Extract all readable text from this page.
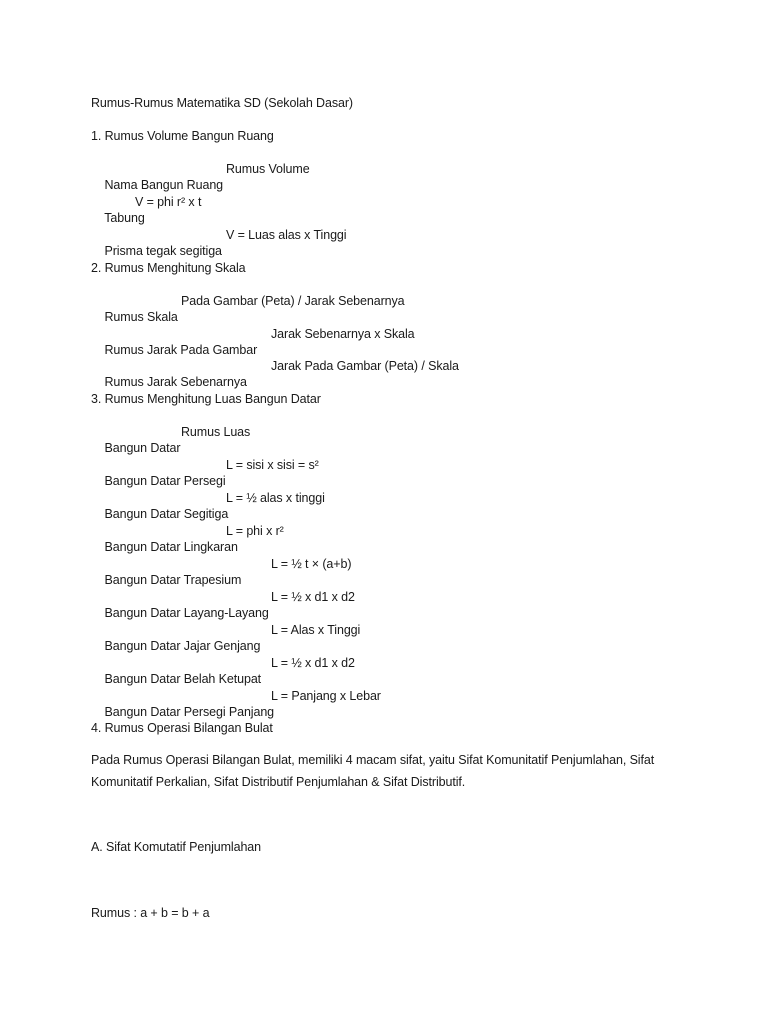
Rumus-Rumus Matematika SD (Sekolah Dasar)
1. Rumus Volume Bangun Ruang

Nama Bangun Ruang

Rumus Volume

Tabung

V = phi r² x t

Prisma tegak segitiga

V = Luas alas x Tinggi

2. Rumus Menghitung Skala

Rumus Skala

Pada Gambar (Peta) / Jarak Sebenarnya

Rumus Jarak Pada Gambar

Jarak Sebenarnya x Skala

Rumus Jarak Sebenarnya

Jarak Pada Gambar (Peta) / Skala

3. Rumus Menghitung Luas Bangun Datar

Bangun Datar

Rumus Luas

Bangun Datar Persegi

L = sisi x sisi = s²

Bangun Datar Segitiga

L = ½ alas x tinggi

Bangun Datar Lingkaran

L = phi x r²

Bangun Datar Trapesium

L = ½ t × (a+b)

Bangun Datar Layang-Layang

L = ½ x d1 x d2

Bangun Datar Jajar Genjang

L = Alas x Tinggi

Bangun Datar Belah Ketupat

L = ½ x d1 x d2

Bangun Datar Persegi Panjang

L = Panjang x Lebar

4. Rumus Operasi Bilangan Bulat
Pada Rumus Operasi Bilangan Bulat, memiliki 4 macam sifat, yaitu Sifat Komunitatif Penjumlahan, Sifat Komunitatif Perkalian, Sifat Distributif Penjumlahan & Sifat Distributif.
A. Sifat Komutatif Penjumlahan
Rumus : a + b = b + a
